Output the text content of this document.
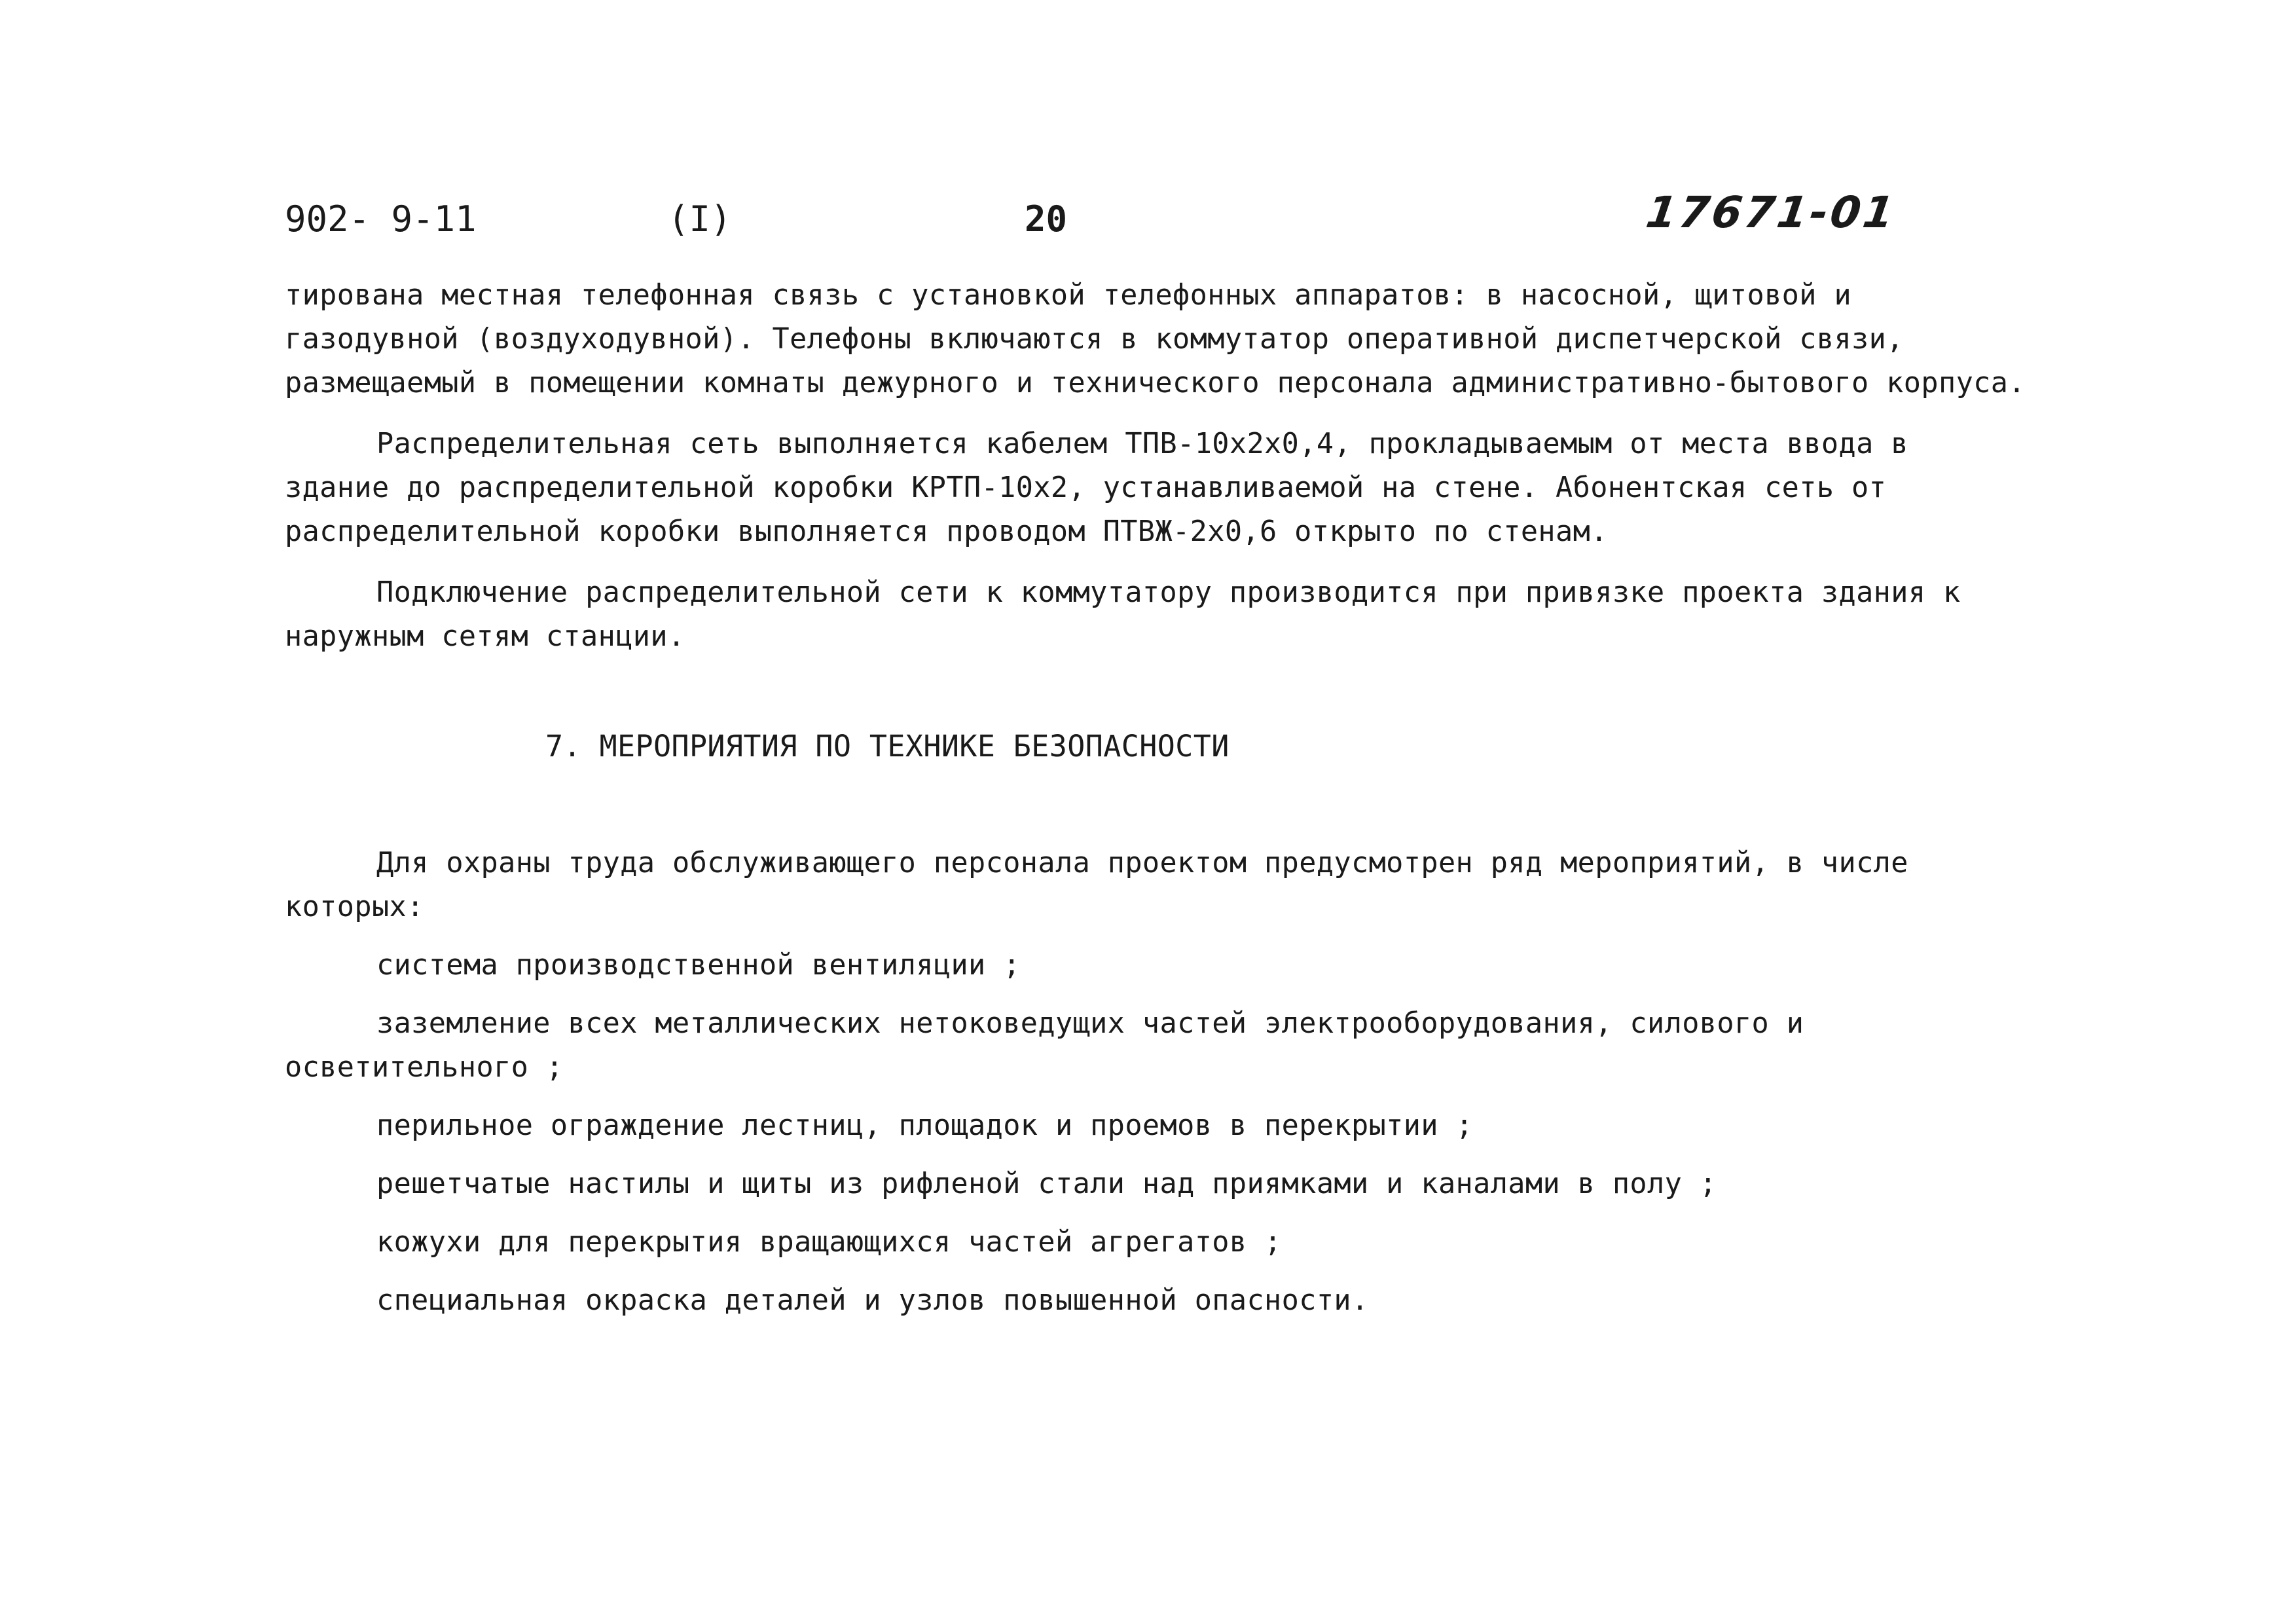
902- 9-11	(I)	20	17671-01

тирована местная телефонная связь с установкой телефонных аппаратов: в насосной, щитовой и
газодувной (воздуходувной). Телефоны включаются в коммутатор оперативной диспетчерской связи,
размещаемый в помещении комнаты дежурного и технического персонала административно-бытового корпуса.

Распределительная сеть выполняется кабелем ТПВ-10х2х0,4, прокладываемым от места ввода в
здание до распределительной коробки КРТП-10х2, устанавливаемой на стене. Абонентская сеть от
распределительной коробки выполняется проводом ПТВЖ-2х0,6 открыто по стенам.

Подключение распределительной сети к коммутатору производится при привязке проекта здания к
наружным сетям станции.

7. МЕРОПРИЯТИЯ ПО ТЕХНИКЕ БЕЗОПАСНОСТИ

Для охраны труда обслуживающего персонала проектом предусмотрен ряд мероприятий, в числе
которых:

система производственной вентиляции ;

заземление всех металлических нетоковедущих частей электрооборудования, силового и
осветительного ;

перильное ограждение лестниц, площадок и проемов в перекрытии ;

решетчатые настилы и щиты из рифленой стали над приямками и каналами в полу ;

кожухи для перекрытия вращающихся частей агрегатов ;

специальная окраска деталей и узлов повышенной опасности.
